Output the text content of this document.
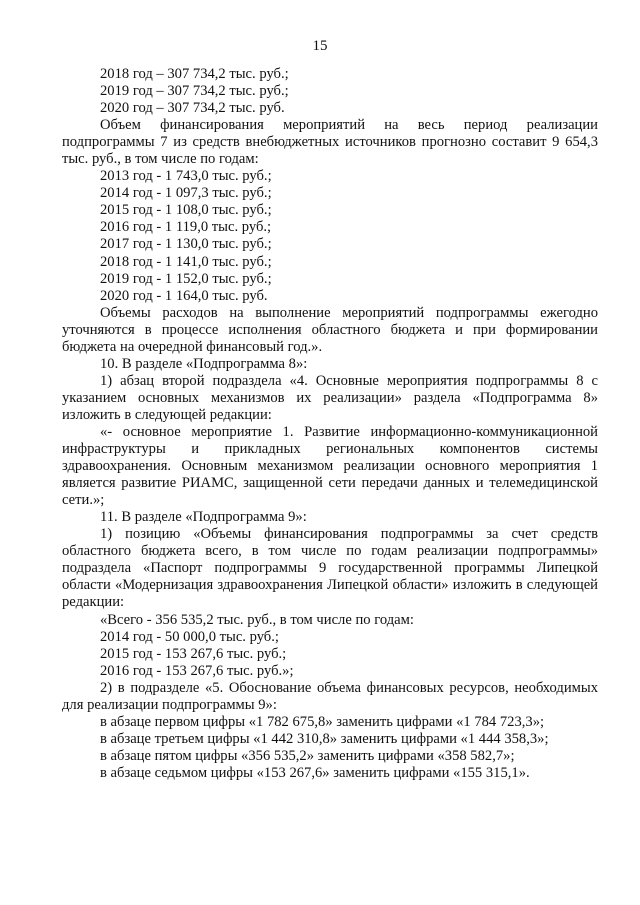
15

2018 год – 307 734,2 тыс. руб.;

2019 год – 307 734,2 тыс. руб.;

2020 год – 307 734,2 тыс. руб.

Объем финансирования мероприятий на весь период реализации подпрограммы 7 из средств внебюджетных источников прогнозно составит 9 654,3 тыс. руб., в том числе по годам:

2013 год - 1 743,0 тыс. руб.;

2014 год - 1 097,3 тыс. руб.;

2015 год - 1 108,0 тыс. руб.;

2016 год - 1 119,0 тыс. руб.;

2017 год - 1 130,0 тыс. руб.;

2018 год - 1 141,0 тыс. руб.;

2019 год - 1 152,0 тыс. руб.;

2020 год - 1 164,0 тыс. руб.

Объемы расходов на выполнение мероприятий подпрограммы ежегодно уточняются в процессе исполнения областного бюджета и при формировании бюджета на очередной финансовый год.».

10. В разделе «Подпрограмма 8»:

1) абзац второй подраздела «4. Основные мероприятия подпрограммы 8 с указанием основных механизмов их реализации» раздела «Подпрограмма 8» изложить в следующей редакции:

«- основное мероприятие 1. Развитие информационно-коммуникационной инфраструктуры и прикладных региональных компонентов системы здравоохранения. Основным механизмом реализации основного мероприятия 1 является развитие РИАМС, защищенной сети передачи данных и телемедицинской сети.»;

11. В разделе «Подпрограмма 9»:

1) позицию «Объемы финансирования подпрограммы за счет средств областного бюджета всего, в том числе по годам реализации подпрограммы» подраздела «Паспорт подпрограммы 9 государственной программы Липецкой области «Модернизация здравоохранения Липецкой области» изложить в следующей редакции:

«Всего - 356 535,2 тыс. руб., в том числе по годам:

2014 год - 50 000,0 тыс. руб.;

2015 год - 153 267,6 тыс. руб.;

2016 год - 153 267,6 тыс. руб.»;

2) в подразделе «5. Обоснование объема финансовых ресурсов, необходимых для реализации подпрограммы 9»:

в абзаце первом цифры «1 782 675,8» заменить цифрами «1 784 723,3»;

в абзаце третьем цифры «1 442 310,8» заменить цифрами «1 444 358,3»;

в абзаце пятом цифры «356 535,2» заменить цифрами «358 582,7»;

в абзаце седьмом цифры «153 267,6» заменить цифрами «155 315,1».
